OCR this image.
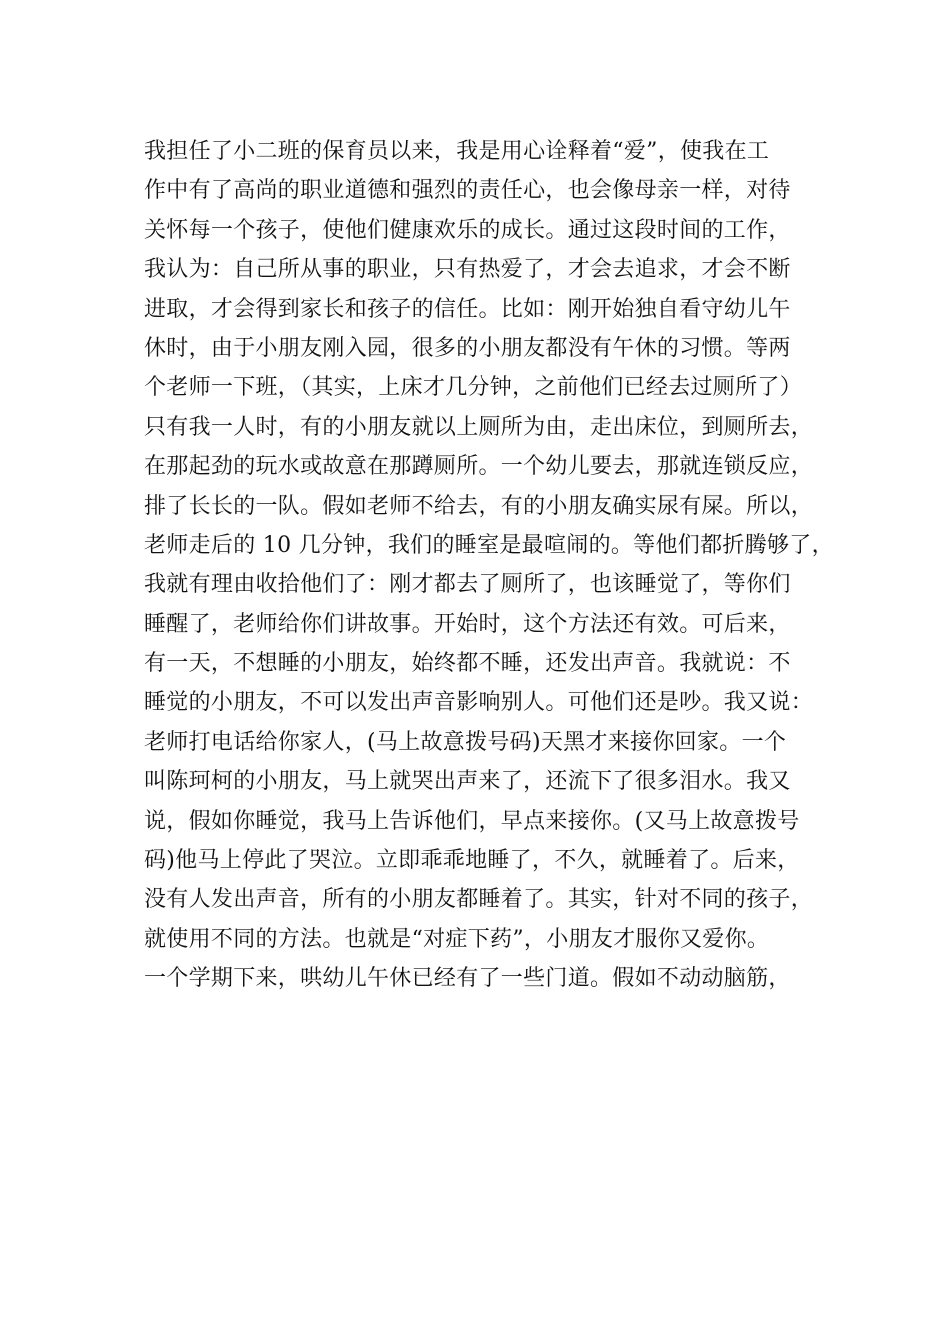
我担任了小二班的保育员以来，我是用心诠释着“爱”，使我在工
作中有了高尚的职业道德和强烈的责任心，也会像母亲一样，对待
关怀每一个孩子，使他们健康欢乐的成长。通过这段时间的工作，
我认为：自己所从事的职业，只有热爱了，才会去追求，才会不断
进取，才会得到家长和孩子的信任。比如：刚开始独自看守幼儿午
休时，由于小朋友刚入园，很多的小朋友都没有午休的习惯。等两
个老师一下班，（其实，上床才几分钟，之前他们已经去过厕所了）
只有我一人时，有的小朋友就以上厕所为由，走出床位，到厕所去，
在那起劲的玩水或故意在那蹲厕所。一个幼儿要去，那就连锁反应，
排了长长的一队。假如老师不给去，有的小朋友确实尿有屎。所以，
老师走后的 10 几分钟，我们的睡室是最喧闹的。等他们都折腾够了，
我就有理由收拾他们了：刚才都去了厕所了，也该睡觉了，等你们
睡醒了，老师给你们讲故事。开始时，这个方法还有效。可后来，
有一天，不想睡的小朋友，始终都不睡，还发出声音。我就说：不
睡觉的小朋友，不可以发出声音影响别人。可他们还是吵。我又说：
老师打电话给你家人，(马上故意拨号码)天黑才来接你回家。一个
叫陈珂柯的小朋友，马上就哭出声来了，还流下了很多泪水。我又
说，假如你睡觉，我马上告诉他们，早点来接你。(又马上故意拨号
码)他马上停此了哭泣。立即乖乖地睡了，不久，就睡着了。后来，
没有人发出声音，所有的小朋友都睡着了。其实，针对不同的孩子，
就使用不同的方法。也就是“对症下药”，小朋友才服你又爱你。
一个学期下来，哄幼儿午休已经有了一些门道。假如不动动脑筋，
